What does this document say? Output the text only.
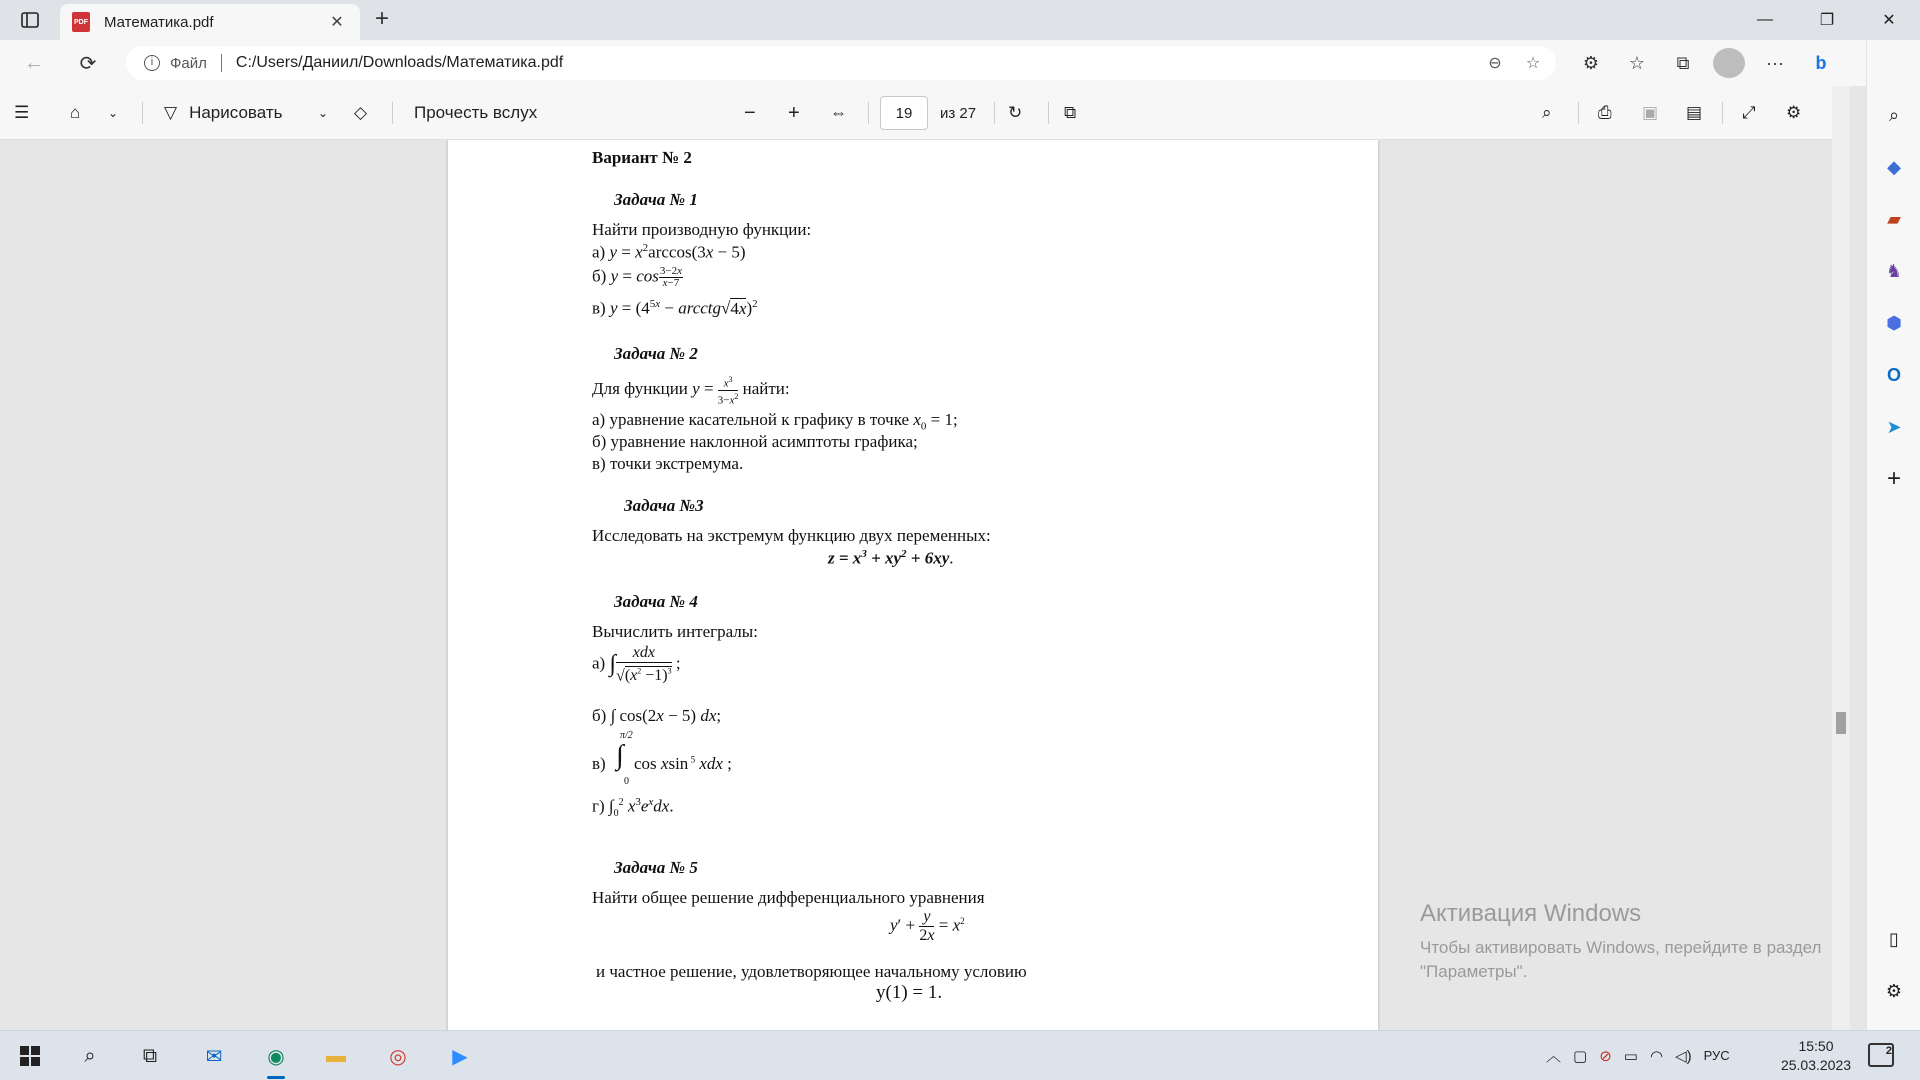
PDF Математика.pdf	✕ +	—	❐	✕
←	⟳	i	Файл C:/Users/Даниил/Downloads/Математика.pdf	⊖ ☆	⚙	☆	⧉	···	b
☰ ⌂ ⌄	▽ Нарисовать	⌄ ◇	Прочесть вслух	− + ⇔	19	из 27 ↻ ⧉	⌕	⎙ ▣ ▤ ⤢ ⚙	⌕
◆
▰
♞
⬢
O
➤
+
▯
⚙
Вариант № 2
Задача № 1
Найти производную функции:
а) $y = x^2\arccos(3x - 5)$
б) $y = \cos \frac{3-2x}{x-7}$
в) $y = (4^{5x}$ − arcctg√4x)$^2$
Задача № 2
Для функции $y = \frac{x^3}{3-x^2}$ найти:
а) уравнение касательной к графику в точке $x_0 = 1$;
б) уравнение наклонной асимптоты графика;
в) точки экстремума.
Задача №3
Исследовать на экстремум функцию двух переменных:
$z = x^3 + xy^2 + 6xy$.
Задача № 4
Вычислить интегралы:
а) ∫ $\frac{\text{xdx}}{√(x^2 -1)^3}$ ;
б) ∫ cos(2x − 5) dx;
в)
π/2
∫
0
cos xsin $^5$ xdx ;
г) $\int_0^2$ $x^3e^xdx$.
Задача № 5
Найти общее решение дифференциального уравнения
$y' + \frac{y}{2x} = x^2$
и частное решение, удовлетворяющее начальному условию
y(1) = 1.
Активация Windows
Чтобы активировать Windows, перейдите в раздел "Параметры".
⌕	⧉	✉	◉	▬	◎	▶	︿ ▢ ⊘ ▭ ◠ ◁) РУС
15:50
25.03.2023
2
